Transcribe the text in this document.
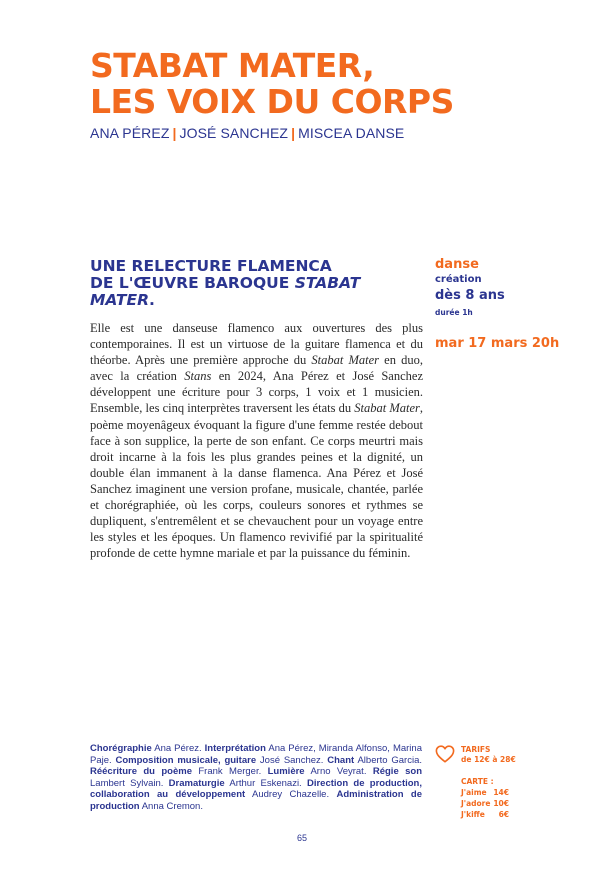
STABAT MATER,
LES VOIX DU CORPS
ANA PÉREZ | JOSÉ SANCHEZ | MISCEA DANSE
UNE RELECTURE FLAMENCA
DE L'ŒUVRE BAROQUE STABAT
MATER.

Elle est une danseuse flamenco aux ouvertures des plus contemporaines. Il est un virtuose de la guitare flamenca et du théorbe. Après une première approche du Stabat Mater en duo, avec la création Stans en 2024, Ana Pérez et José Sanchez développent une écriture pour 3 corps, 1 voix et 1 musicien. Ensemble, les cinq interprètes traversent les états du Stabat Mater, poème moyenâgeux évoquant la figure d'une femme restée debout face à son supplice, la perte de son enfant. Ce corps meurtri mais droit incarne à la fois les plus grandes peines et la dignité, un double élan immanent à la danse flamenca. Ana Pérez et José Sanchez imaginent une version profane, musicale, chantée, parlée et chorégraphiée, où les corps, couleurs sonores et rythmes se dupliquent, s'entremêlent et se chevauchent pour un voyage entre les styles et les époques. Un flamenco revivifié par la spiritualité profonde de cette hymne mariale et par la puissance du féminin.

danse
création
dès 8 ans
durée 1h
mar 17 mars 20h

Chorégraphie Ana Pérez. Interprétation Ana Pérez, Miranda Alfonso, Marina Paje. Composition musicale, guitare José Sanchez. Chant Alberto Garcia. Réécriture du poème Frank Merger. Lumière Arno Veyrat. Régie son Lambert Sylvain. Dramaturgie Arthur Eskenazi. Direction de production, collaboration au développement Audrey Chazelle. Administration de production Anna Cremon.

TARIFS
de 12€ à 28€
CARTE :
J'aime 14€
J'adore 10€
J'kiffe 6€
65
